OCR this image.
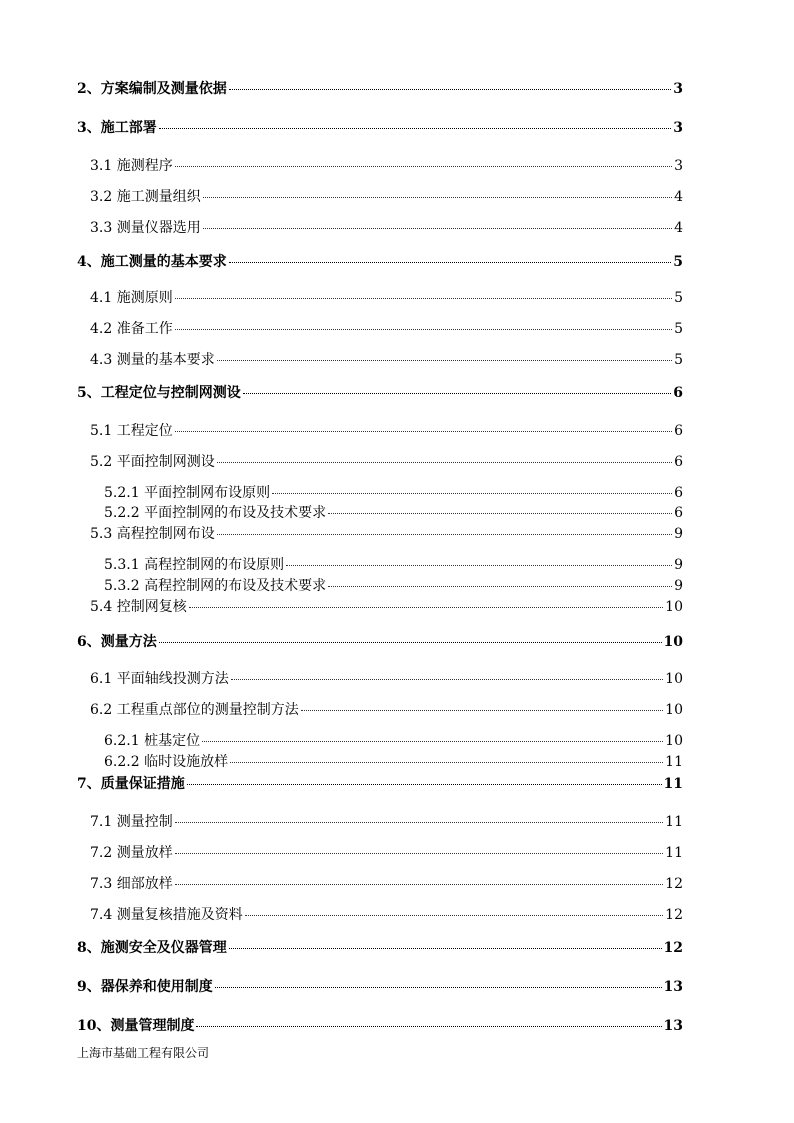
2、方案编制及测量依据	3
3、施工部署	3
3.1 施测程序	3
3.2 施工测量组织	4
3.3 测量仪器选用	4
4、施工测量的基本要求	5
4.1 施测原则	5
4.2 准备工作	5
4.3 测量的基本要求	5
5、工程定位与控制网测设	6
5.1 工程定位	6
5.2 平面控制网测设	6
5.2.1 平面控制网布设原则	6
5.2.2 平面控制网的布设及技术要求	6
5.3 高程控制网布设	9
5.3.1 高程控制网的布设原则	9
5.3.2 高程控制网的布设及技术要求	9
5.4 控制网复核	10
6、测量方法	10
6.1 平面轴线投测方法	10
6.2 工程重点部位的测量控制方法	10
6.2.1 桩基定位	10
6.2.2 临时设施放样	11
7、质量保证措施	11
7.1 测量控制	11
7.2 测量放样	11
7.3 细部放样	12
7.4 测量复核措施及资料	12
8、施测安全及仪器管理	12
9、器保养和使用制度	13
10、测量管理制度	13
上海市基础工程有限公司
